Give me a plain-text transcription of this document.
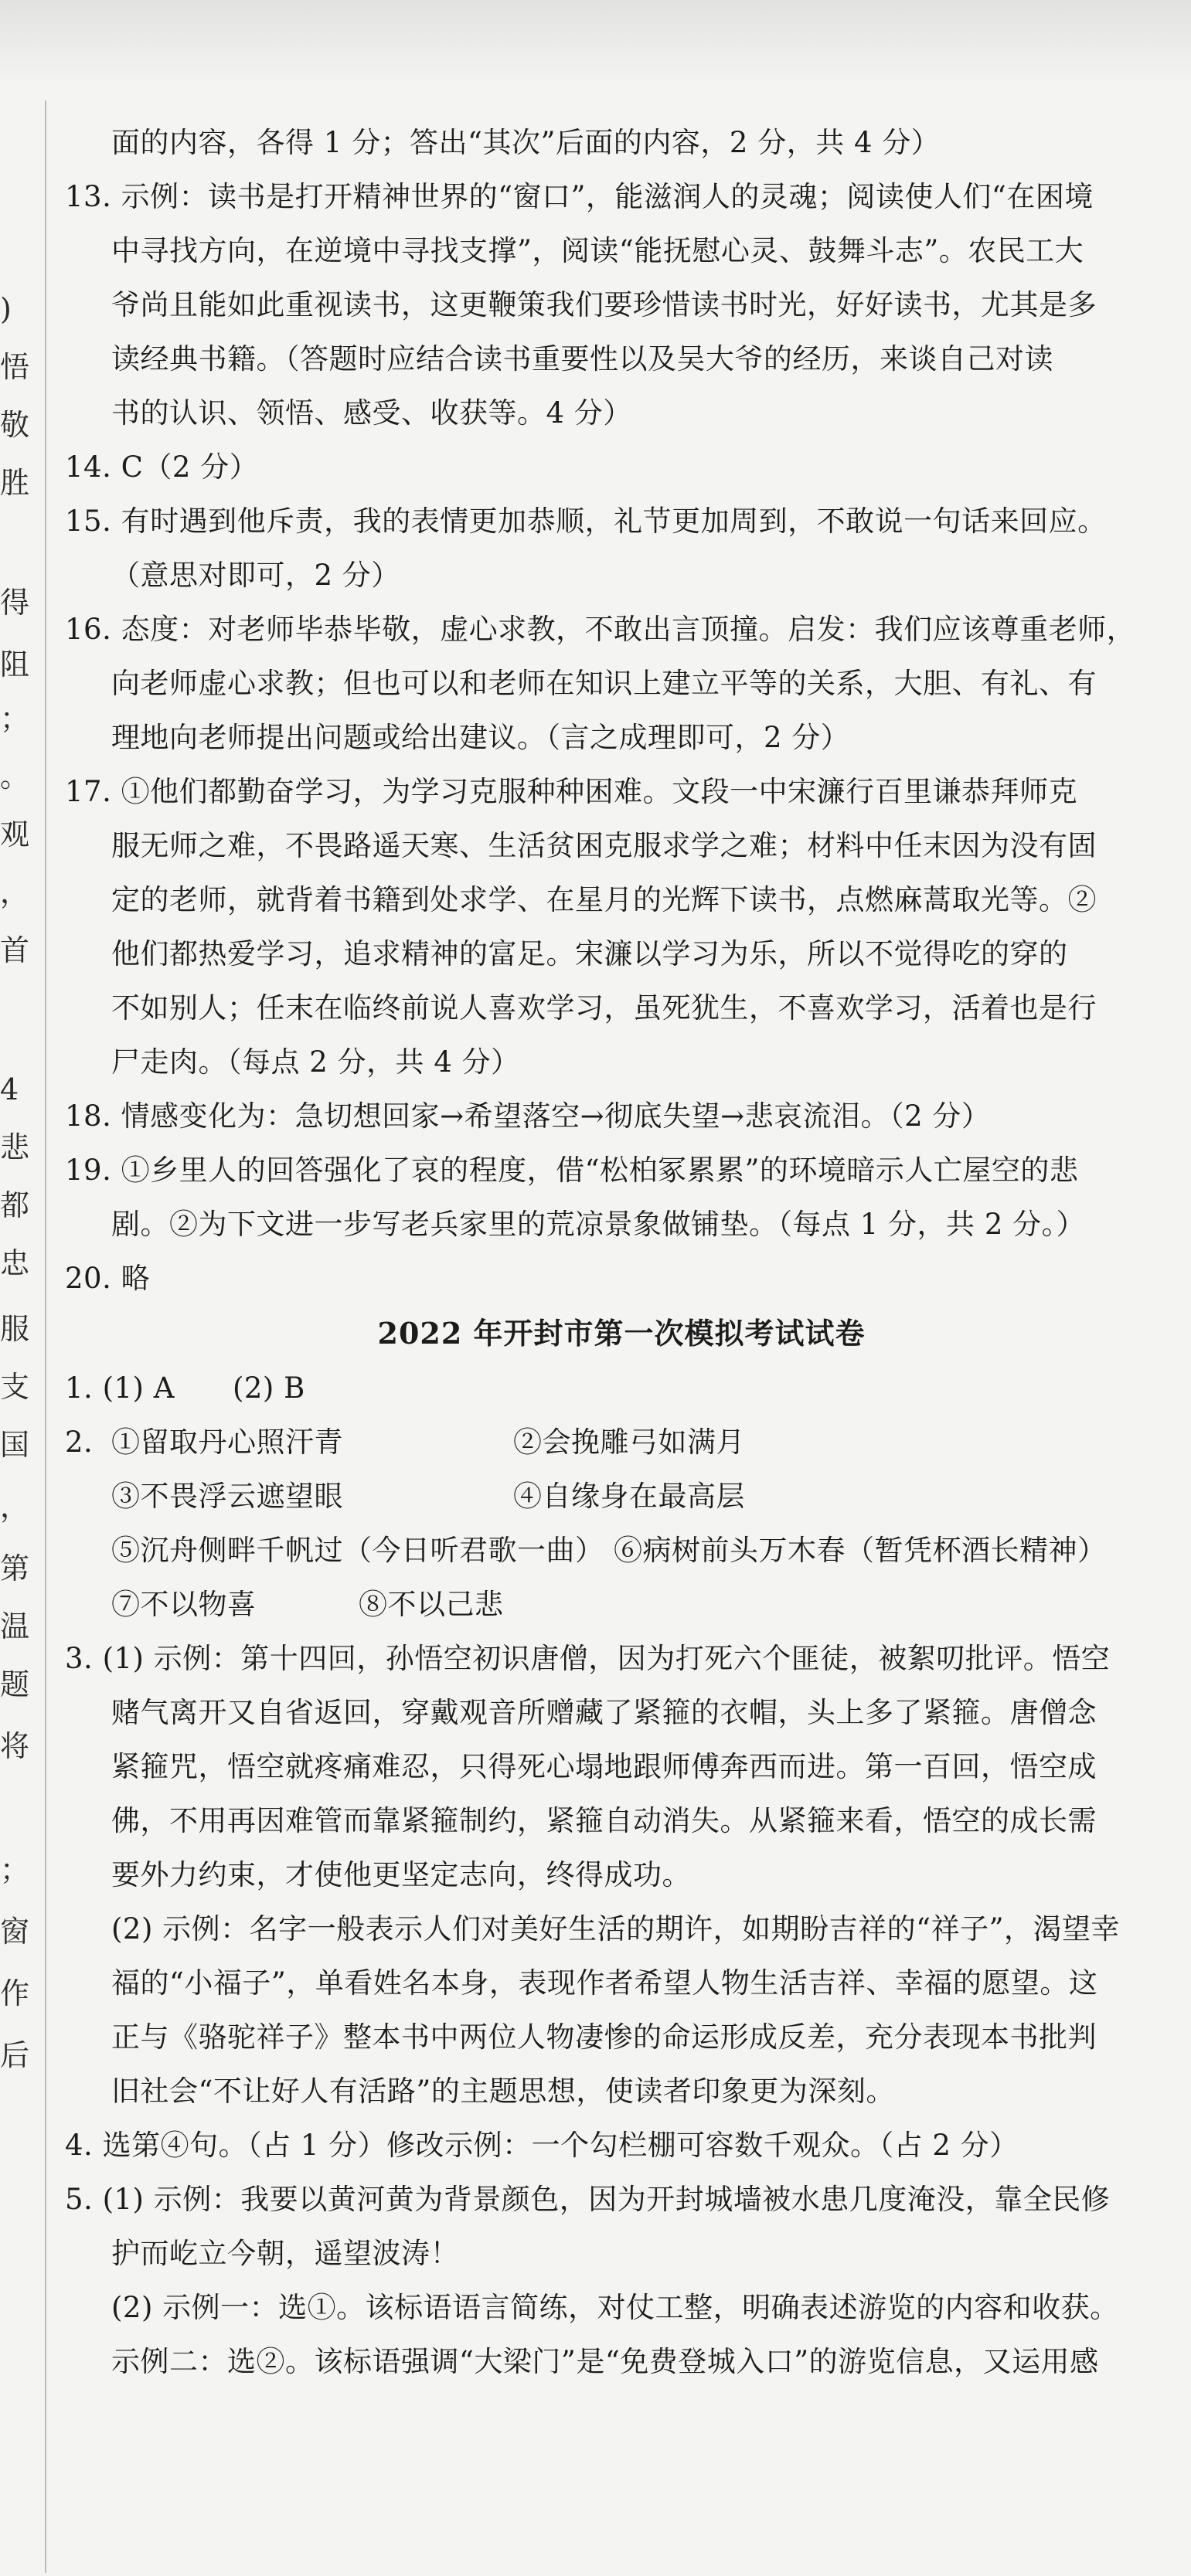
)
悟
敬
胜
得
阻
；
。
观
，
首
4
悲
都
忠
服
支
国
，
第
温
题
将
；
窗
作
后
面的内容，各得 1 分；答出“其次”后面的内容，2 分，共 4 分）
13. 示例：读书是打开精神世界的“窗口”，能滋润人的灵魂；阅读使人们“在困境
中寻找方向，在逆境中寻找支撑”，阅读“能抚慰心灵、鼓舞斗志”。农民工大
爷尚且能如此重视读书，这更鞭策我们要珍惜读书时光，好好读书，尤其是多
读经典书籍。（答题时应结合读书重要性以及吴大爷的经历，来谈自己对读
书的认识、领悟、感受、收获等。4 分）
14. C（2 分）
15. 有时遇到他斥责，我的表情更加恭顺，礼节更加周到，不敢说一句话来回应。
（意思对即可，2 分）
16. 态度：对老师毕恭毕敬，虚心求教，不敢出言顶撞。启发：我们应该尊重老师，
向老师虚心求教；但也可以和老师在知识上建立平等的关系，大胆、有礼、有
理地向老师提出问题或给出建议。（言之成理即可，2 分）
17. ①他们都勤奋学习，为学习克服种种困难。文段一中宋濂行百里谦恭拜师克
服无师之难，不畏路遥天寒、生活贫困克服求学之难；材料中任末因为没有固
定的老师，就背着书籍到处求学、在星月的光辉下读书，点燃麻蒿取光等。②
他们都热爱学习，追求精神的富足。宋濂以学习为乐，所以不觉得吃的穿的
不如别人；任末在临终前说人喜欢学习，虽死犹生，不喜欢学习，活着也是行
尸走肉。（每点 2 分，共 4 分）
18. 情感变化为：急切想回家→希望落空→彻底失望→悲哀流泪。（2 分）
19. ①乡里人的回答强化了哀的程度，借“松柏冢累累”的环境暗示人亡屋空的悲
剧。②为下文进一步写老兵家里的荒凉景象做铺垫。（每点 1 分，共 2 分。）
20. 略
2022 年开封市第一次模拟考试试卷
1. (1) A　　(2) B
2. ①留取丹心照汗青	②会挽雕弓如满月
③不畏浮云遮望眼	④自缘身在最高层
⑤沉舟侧畔千帆过（今日听君歌一曲） ⑥病树前头万木春（暂凭杯酒长精神）
⑦不以物喜	⑧不以己悲
3. (1) 示例：第十四回，孙悟空初识唐僧，因为打死六个匪徒，被絮叨批评。悟空
赌气离开又自省返回，穿戴观音所赠藏了紧箍的衣帽，头上多了紧箍。唐僧念
紧箍咒，悟空就疼痛难忍，只得死心塌地跟师傅奔西而进。第一百回，悟空成
佛，不用再因难管而靠紧箍制约，紧箍自动消失。从紧箍来看，悟空的成长需
要外力约束，才使他更坚定志向，终得成功。
(2) 示例：名字一般表示人们对美好生活的期许，如期盼吉祥的“祥子”，渴望幸
福的“小福子”，单看姓名本身，表现作者希望人物生活吉祥、幸福的愿望。这
正与《骆驼祥子》整本书中两位人物凄惨的命运形成反差，充分表现本书批判
旧社会“不让好人有活路”的主题思想，使读者印象更为深刻。
4. 选第④句。（占 1 分）修改示例：一个勾栏棚可容数千观众。（占 2 分）
5. (1) 示例：我要以黄河黄为背景颜色，因为开封城墙被水患几度淹没，靠全民修
护而屹立今朝，遥望波涛！
(2) 示例一：选①。该标语语言简练，对仗工整，明确表述游览的内容和收获。
示例二：选②。该标语强调“大梁门”是“免费登城入口”的游览信息，又运用感
